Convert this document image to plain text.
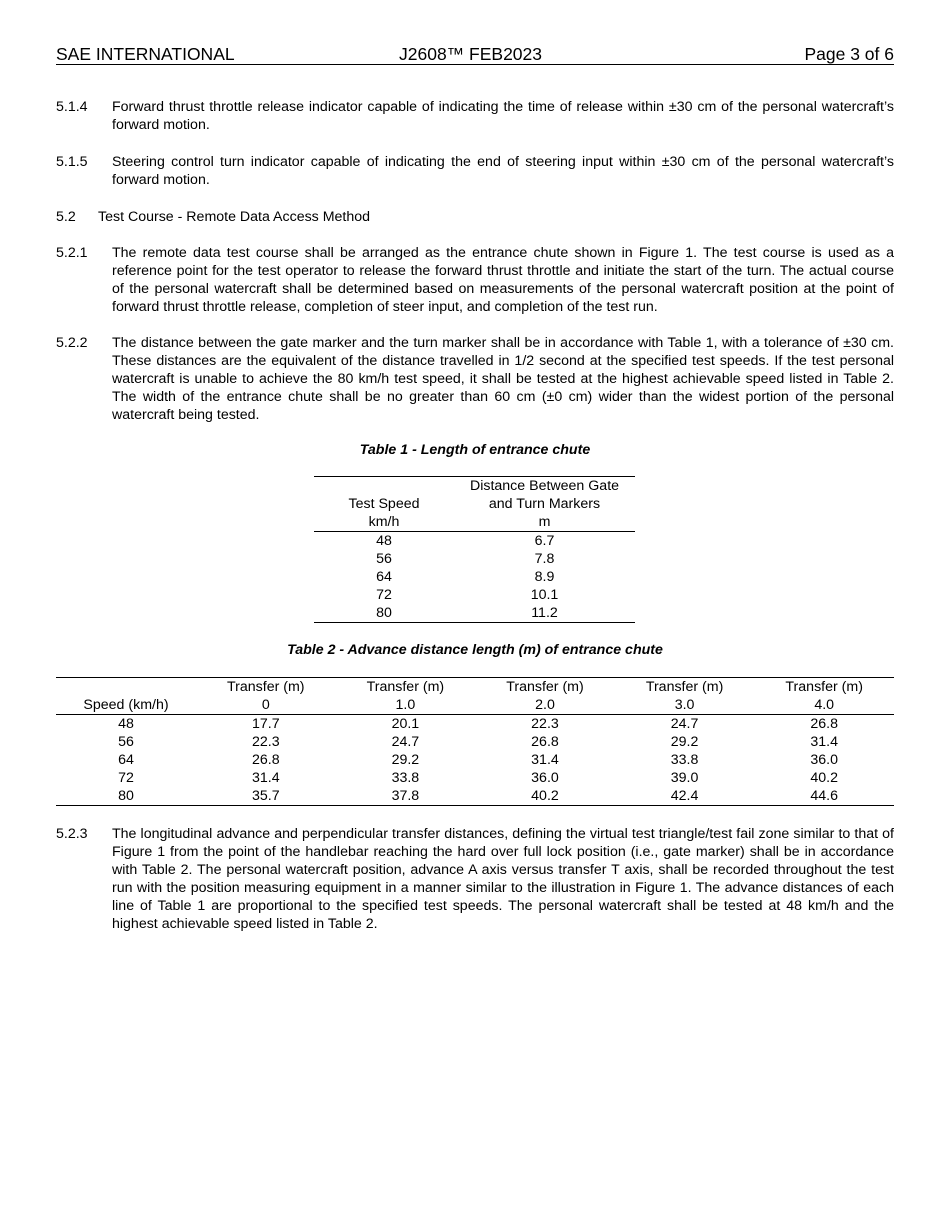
SAE INTERNATIONAL	J2608™ FEB2023	Page 3 of 6
5.1.4 Forward thrust throttle release indicator capable of indicating the time of release within ±30 cm of the personal watercraft’s forward motion.
5.1.5 Steering control turn indicator capable of indicating the end of steering input within ±30 cm of the personal watercraft’s forward motion.
5.2 Test Course - Remote Data Access Method
5.2.1 The remote data test course shall be arranged as the entrance chute shown in Figure 1. The test course is used as a reference point for the test operator to release the forward thrust throttle and initiate the start of the turn. The actual course of the personal watercraft shall be determined based on measurements of the personal watercraft position at the point of forward thrust throttle release, completion of steer input, and completion of the test run.
5.2.2 The distance between the gate marker and the turn marker shall be in accordance with Table 1, with a tolerance of ±30 cm. These distances are the equivalent of the distance travelled in 1/2 second at the specified test speeds. If the test personal watercraft is unable to achieve the 80 km/h test speed, it shall be tested at the highest achievable speed listed in Table 2. The width of the entrance chute shall be no greater than 60 cm (±0 cm) wider than the widest portion of the personal watercraft being tested.
Table 1 - Length of entrance chute
	Distance Between Gate
Test Speed	and Turn Markers
km/h	m
48	6.7
56	7.8
64	8.9
72	10.1
80	11.2
Table 2 - Advance distance length (m) of entrance chute
	Transfer (m)	Transfer (m)	Transfer (m)	Transfer (m)	Transfer (m)
Speed (km/h)	0	1.0	2.0	3.0	4.0
48	17.7	20.1	22.3	24.7	26.8
56	22.3	24.7	26.8	29.2	31.4
64	26.8	29.2	31.4	33.8	36.0
72	31.4	33.8	36.0	39.0	40.2
80	35.7	37.8	40.2	42.4	44.6
5.2.3 The longitudinal advance and perpendicular transfer distances, defining the virtual test triangle/test fail zone similar to that of Figure 1 from the point of the handlebar reaching the hard over full lock position (i.e., gate marker) shall be in accordance with Table 2. The personal watercraft position, advance A axis versus transfer T axis, shall be recorded throughout the test run with the position measuring equipment in a manner similar to the illustration in Figure 1. The advance distances of each line of Table 1 are proportional to the specified test speeds. The personal watercraft shall be tested at 48 km/h and the highest achievable speed listed in Table 2.
